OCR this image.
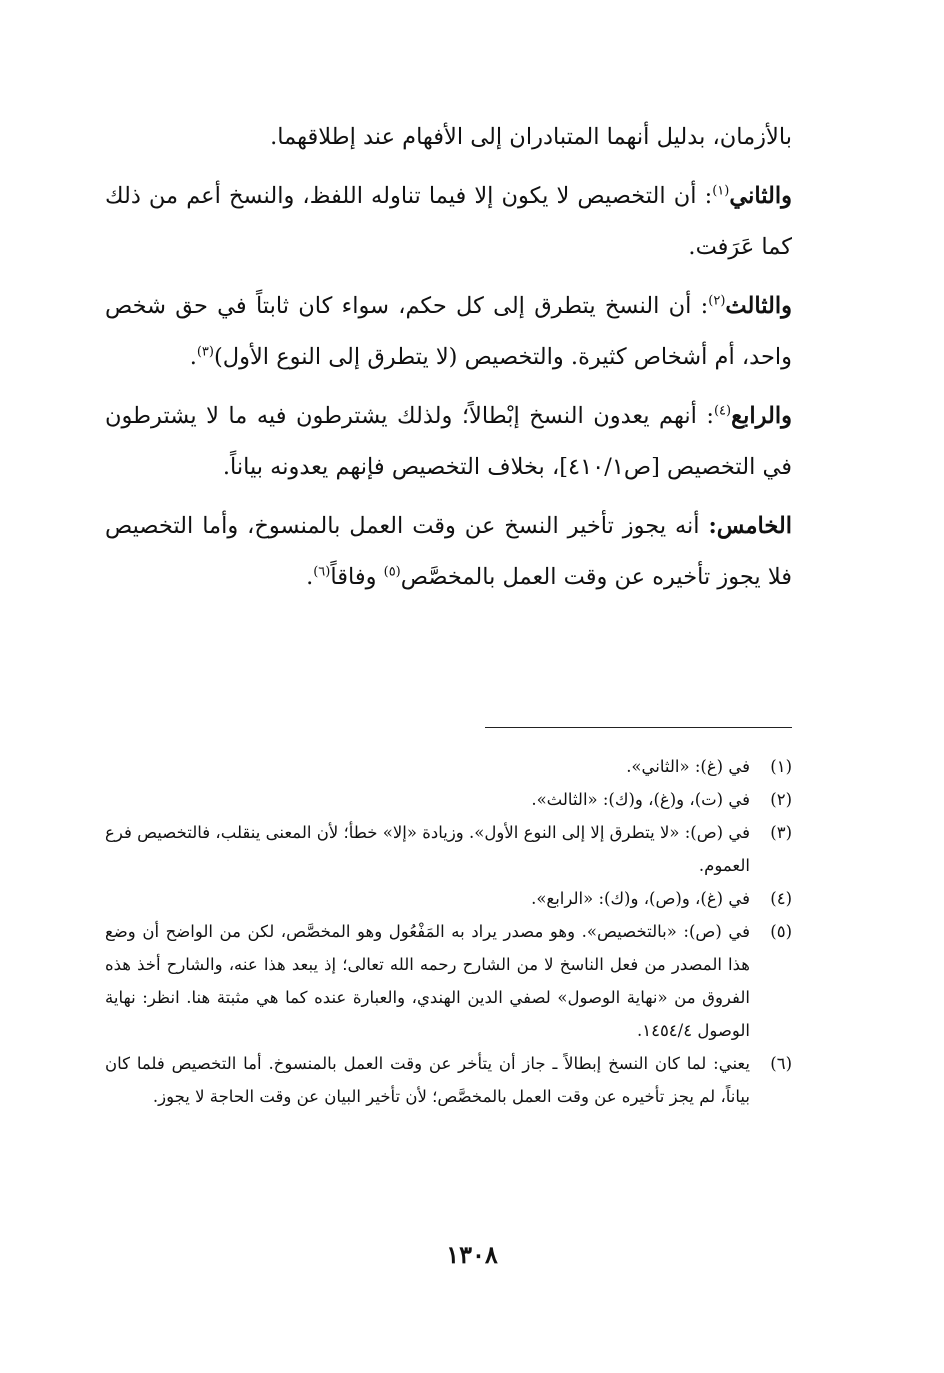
بالأزمان، بدليل أنهما المتبادران إلى الأفهام عند إطلاقهما.

والثاني$^{(١)}$: أن التخصيص لا يكون إلا فيما تناوله اللفظ، والنسخ أعم من ذلك كما عَرَفت.

والثالث$^{(٢)}$: أن النسخ يتطرق إلى كل حكم، سواء كان ثابتاً في حق شخص واحد، أم أشخاص كثيرة. والتخصيص (لا يتطرق إلى النوع الأول)$^{(٣)}$.

والرابع$^{(٤)}$: أنهم يعدون النسخ إبْطالاً؛ ولذلك يشترطون فيه ما لا يشترطون في التخصيص [ص٤١٠/١]، بخلاف التخصيص فإنهم يعدونه بياناً.

الخامس: أنه يجوز تأخير النسخ عن وقت العمل بالمنسوخ، وأما التخصيص فلا يجوز تأخيره عن وقت العمل بالمخصَّص$^{(٥)}$ وفاقاً$^{(٦)}$.

(١)
في (غ): «الثاني».
(٢)
في (ت)، و(غ)، و(ك): «الثالث».
(٣)
في (ص): «لا يتطرق إلا إلى النوع الأول». وزيادة «إلا» خطأ؛ لأن المعنى ينقلب، فالتخصيص فرع العموم.
(٤)
في (غ)، و(ص)، و(ك): «الرابع».
(٥)
في (ص): «بالتخصيص». وهو مصدر يراد به المَفْعُول وهو المخصَّص، لكن من الواضح أن وضع هذا المصدر من فعل الناسخ لا من الشارح رحمه الله تعالى؛ إذ يبعد هذا عنه، والشارح أخذ هذه الفروق من «نهاية الوصول» لصفي الدين الهندي، والعبارة عنده كما هي مثبتة هنا. انظر: نهاية الوصول ١٤٥٤/٤.
(٦)
يعني: لما كان النسخ إبطالاً ـ جاز أن يتأخر عن وقت العمل بالمنسوخ. أما التخصيص فلما كان بياناً، لم يجز تأخيره عن وقت العمل بالمخصَّص؛ لأن تأخير البيان عن وقت الحاجة لا يجوز.
١٣٠٨
